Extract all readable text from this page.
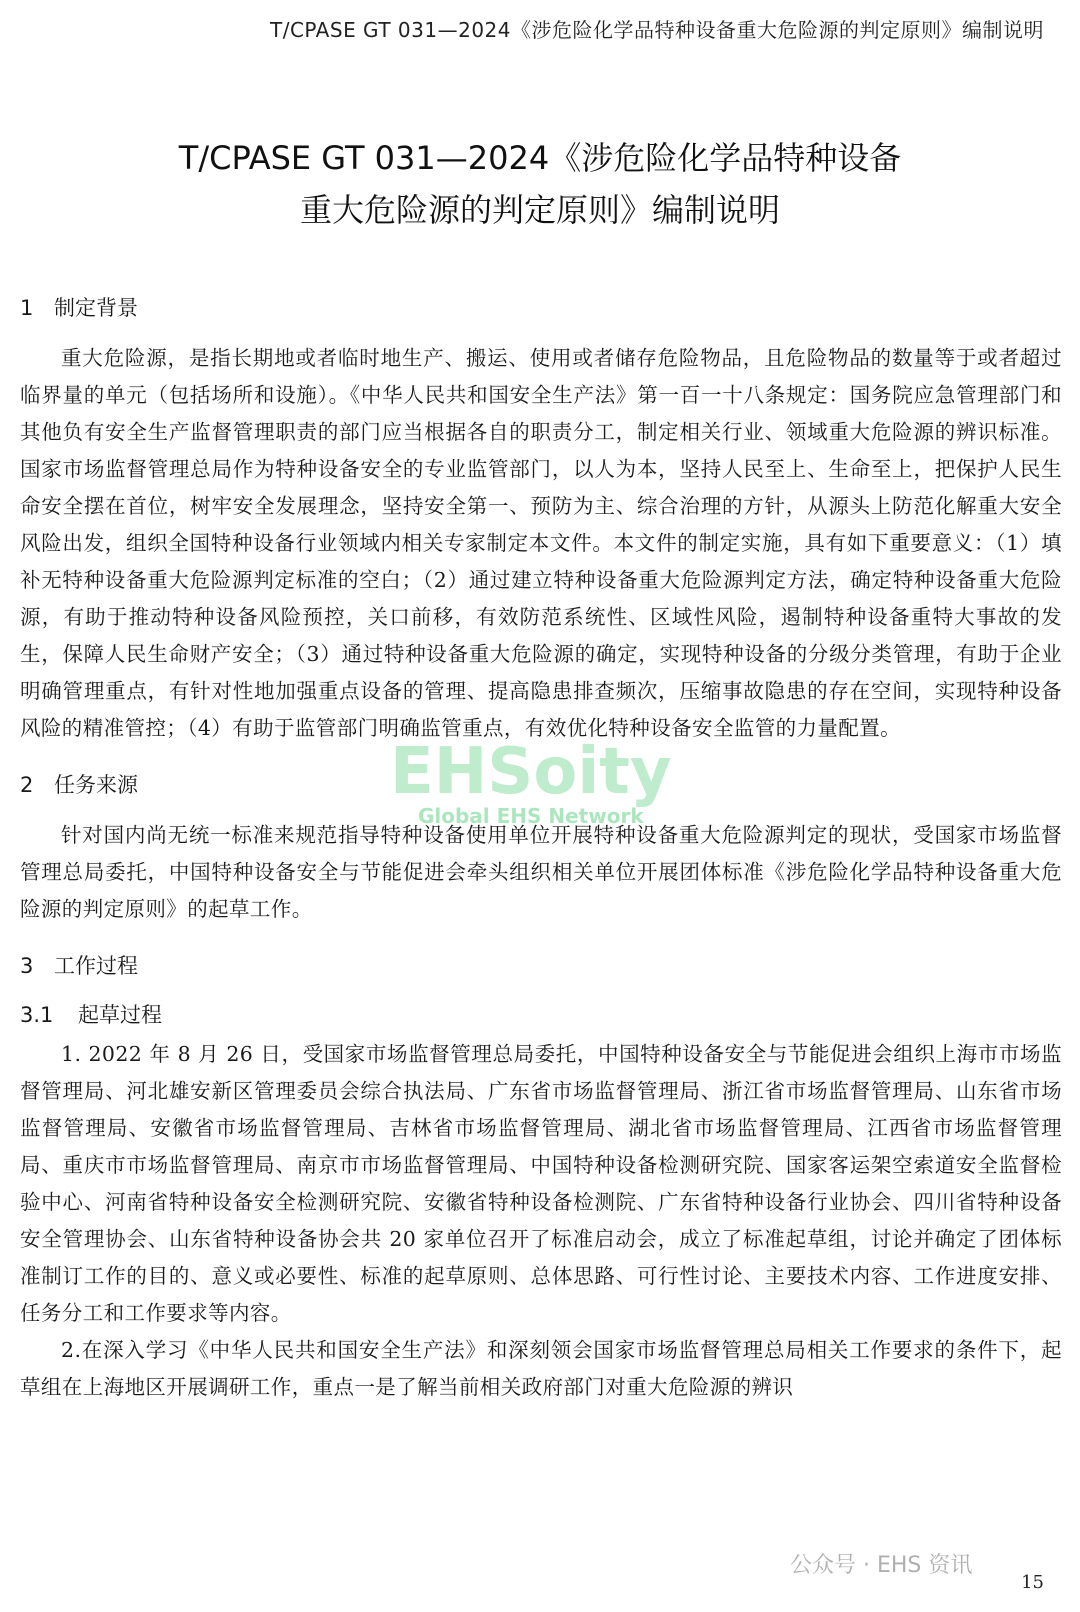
T/CPASE GT 031—2024《涉危险化学品特种设备重大危险源的判定原则》编制说明
T/CPASE GT 031—2024《涉危险化学品特种设备
重大危险源的判定原则》编制说明
1 制定背景

重大危险源，是指长期地或者临时地生产、搬运、使用或者储存危险物品，且危险物品的数量等于或者超过临界量的单元（包括场所和设施）。《中华人民共和国安全生产法》第一百一十八条规定：国务院应急管理部门和其他负有安全生产监督管理职责的部门应当根据各自的职责分工，制定相关行业、领域重大危险源的辨识标准。国家市场监督管理总局作为特种设备安全的专业监管部门，以人为本，坚持人民至上、生命至上，把保护人民生命安全摆在首位，树牢安全发展理念，坚持安全第一、预防为主、综合治理的方针，从源头上防范化解重大安全风险出发，组织全国特种设备行业领域内相关专家制定本文件。本文件的制定实施，具有如下重要意义：（1）填补无特种设备重大危险源判定标准的空白；（2）通过建立特种设备重大危险源判定方法，确定特种设备重大危险源，有助于推动特种设备风险预控，关口前移，有效防范系统性、区域性风险，遏制特种设备重特大事故的发生，保障人民生命财产安全；（3）通过特种设备重大危险源的确定，实现特种设备的分级分类管理，有助于企业明确管理重点，有针对性地加强重点设备的管理、提高隐患排查频次，压缩事故隐患的存在空间，实现特种设备风险的精准管控；（4）有助于监管部门明确监管重点，有效优化特种设备安全监管的力量配置。

2 任务来源

针对国内尚无统一标准来规范指导特种设备使用单位开展特种设备重大危险源判定的现状，受国家市场监督管理总局委托，中国特种设备安全与节能促进会牵头组织相关单位开展团体标准《涉危险化学品特种设备重大危险源的判定原则》的起草工作。

3 工作过程
3.1 起草过程

1. 2022 年 8 月 26 日，受国家市场监督管理总局委托，中国特种设备安全与节能促进会组织上海市市场监督管理局、河北雄安新区管理委员会综合执法局、广东省市场监督管理局、浙江省市场监督管理局、山东省市场监督管理局、安徽省市场监督管理局、吉林省市场监督管理局、湖北省市场监督管理局、江西省市场监督管理局、重庆市市场监督管理局、南京市市场监督管理局、中国特种设备检测研究院、国家客运架空索道安全监督检验中心、河南省特种设备安全检测研究院、安徽省特种设备检测院、广东省特种设备行业协会、四川省特种设备安全管理协会、山东省特种设备协会共 20 家单位召开了标准启动会，成立了标准起草组，讨论并确定了团体标准制订工作的目的、意义或必要性、标准的起草原则、总体思路、可行性讨论、主要技术内容、工作进度安排、任务分工和工作要求等内容。

2.在深入学习《中华人民共和国安全生产法》和深刻领会国家市场监督管理总局相关工作要求的条件下，起草组在上海地区开展调研工作，重点一是了解当前相关政府部门对重大危险源的辨识

EHSoity
Global EHS Network
公众号 · EHS 资讯
15
